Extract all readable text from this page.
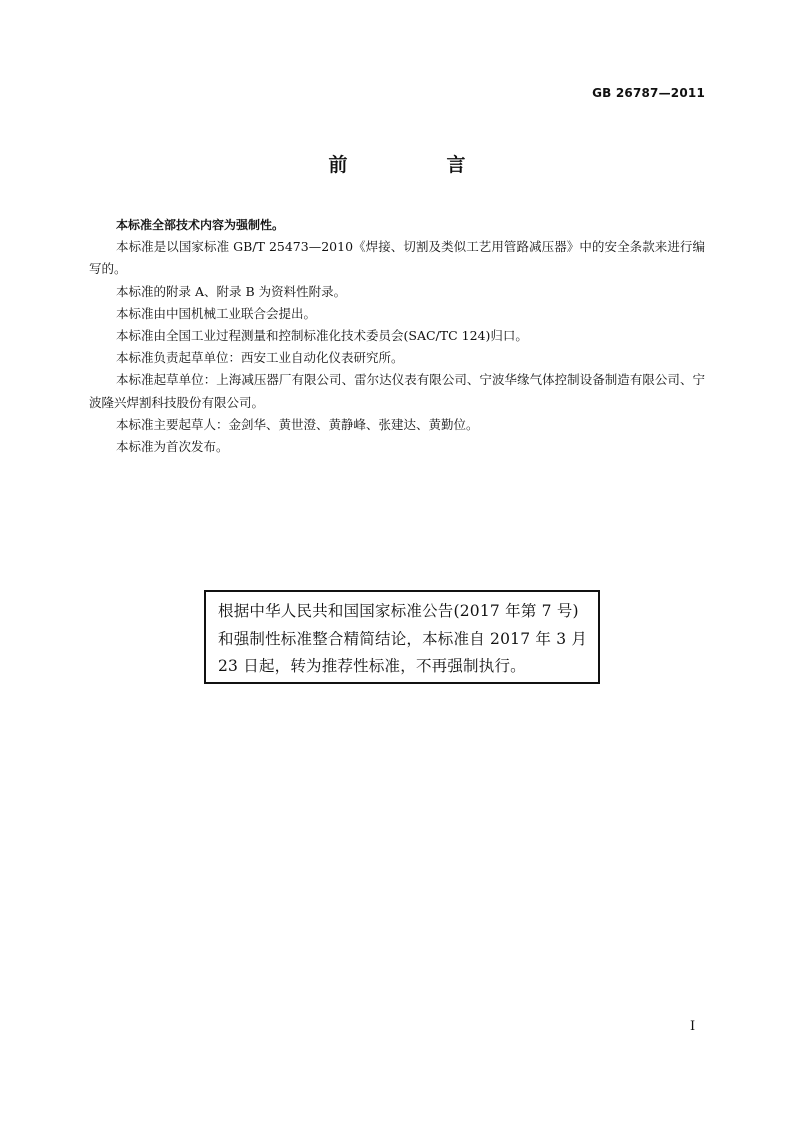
GB 26787—2011
前　言

本标准全部技术内容为强制性。

本标准是以国家标准 GB/T 25473—2010《焊接、切割及类似工艺用管路减压器》中的安全条款来进行编写的。

本标准的附录 A、附录 B 为资料性附录。

本标准由中国机械工业联合会提出。

本标准由全国工业过程测量和控制标准化技术委员会(SAC/TC 124)归口。

本标准负责起草单位：西安工业自动化仪表研究所。

本标准起草单位：上海减压器厂有限公司、雷尔达仪表有限公司、宁波华缘气体控制设备制造有限公司、宁波隆兴焊割科技股份有限公司。

本标准主要起草人：金剑华、黄世澄、黄静峰、张建达、黄勤位。

本标准为首次发布。

根据中华人民共和国国家标准公告(2017 年第 7 号)和强制性标准整合精简结论，本标准自 2017 年 3 月 23 日起，转为推荐性标准，不再强制执行。
I
